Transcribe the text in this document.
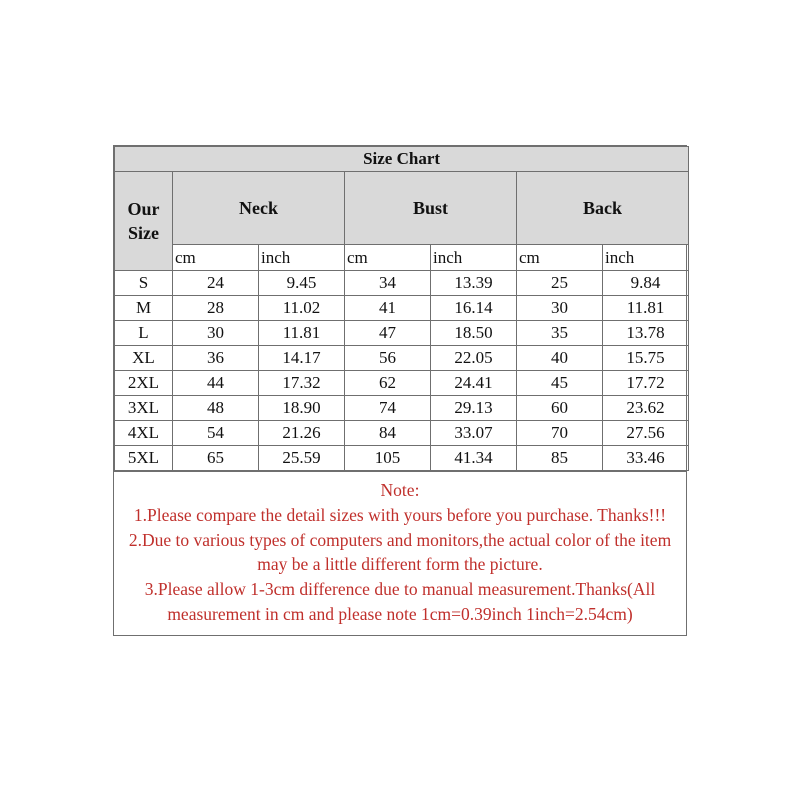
Size Chart						
Our Size	Neck		Bust		Back	
	cm	inch	cm	inch	cm	inch
S	24	9.45	34	13.39	25	9.84
M	28	11.02	41	16.14	30	11.81
L	30	11.81	47	18.50	35	13.78
XL	36	14.17	56	22.05	40	15.75
2XL	44	17.32	62	24.41	45	17.72
3XL	48	18.90	74	29.13	60	23.62
4XL	54	21.26	84	33.07	70	27.56
5XL	65	25.59	105	41.34	85	33.46
Note:
1.Please compare the detail sizes with yours before you purchase. Thanks!!!
2.Due to various types of computers and monitors,the actual color of the item may be a little different form the picture.
3.Please allow 1-3cm difference due to manual measurement.Thanks(All measurement in cm and please note 1cm=0.39inch 1inch=2.54cm)
